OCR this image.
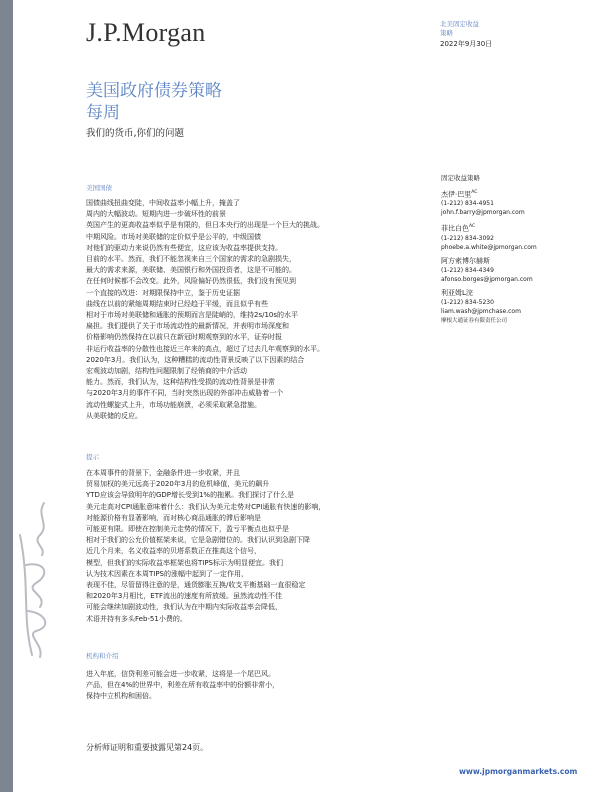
J.P.Morgan	北美固定收益
策略
2022年9月30日
美国政府债券策略
每周
我们的货币,你们的问题
美国国债
国债曲线扭曲变陡，中间收益率小幅上升，掩盖了
周内的大幅波动。短期内进一步破坏性的前景
英国产生的更高收益率似乎是有限的，但日本央行的出现是一个巨大的挑战。
中期风险。市场对美联储的定价似乎是公平的，中级国债
对他们的驱动力来说仍然有些便宜，这应该为收益率提供支持。
目前的水平。然而，我们不能忽视来自三个国家的需求的急剧损失，
最大的需求来源，美联储、美国银行和外国投资者，这是不可能的。
在任何时候都不会改变。此外，风险偏好仍然很低，我们没有预见到
一个直接的改进：对期限保持中立，鉴于历史证据
曲线在以前的紧缩周期结束时已经趋于平缓，而且似乎有些
相对于市场对美联储和通胀的预期而言是陡峭的，维持2s/10s的水平
扁担。我们提供了关于市场流动性的最新情况，并表明市场深度和
价格影响仍然保持在以前只在新冠时期观察到的水平，证券时报
非运行收益率的分散性也接近三年来的高点，超过了过去几年观察到的水平。
2020年3月。我们认为，这种糟糕的流动性背景反映了以下因素的结合
宏观波动加剧，结构性问题限制了经销商的中介活动
能力。然而，我们认为，这种结构性受损的流动性背景是非常
与2020年3月的事件不同，当时突然出现的外部冲击威胁着一个
流动性螺旋式上升，市场功能崩溃，必须采取紧急措施。
从美联储的反应。
提示
在本周事件的背景下，金融条件进一步收紧，并且
贸易加权的美元远高于2020年3月的危机峰值，美元的飙升
YTD应该会导致明年的GDP增长受到1%的拖累。我们探讨了什么是
美元走高对CPI通胀意味着什么：我们认为美元走势对CPI通胀有快速的影响，
对能源价格有显著影响，而对核心商品通胀的滞后影响是
可能更有限。即使在控制美元走势的情况下，盈亏平衡点也似乎是
相对于我们的公允价值框架来说，它是急剧错位的。我们认识到急剧下降
近几个月来，名义收益率的贝塔系数正在推高这个信号，
模型，但我们的实际收益率框架也将TIPS标示为明显便宜。我们
认为技术因素在本周TIPS的涨幅中起到了一定作用，
表现不佳，尽管留得注意的是，通货膨胀互换/收支平衡基础一直很稳定
和2020年3月相比，ETF流出的速度有所放缓。虽然流动性不佳
可能会继续加剧波动性，我们认为在中期内实际收益率会降低，
术语并持有多头Feb-51小费的。
机构和介绍
进入年底，信贷利差可能会进一步收紧，这将是一个尾巴风。
产品，但在4%的世界中，利差在所有收益率中的份额非常小，
保持中立机构和困倍。
固定收益策略
杰伊·巴里$^{AC}$
(1-212) 834-4951
john.f.barry@jpmorgan.com
菲比白色$^{AC}$
(1-212) 834-3092
phoebe.a.white@jpmorgan.com
阿方索博尔赫斯
(1-212) 834-4349
afonso.borges@jpmorgan.com
利亚姆L浣
(1-212) 834-5230
liam.wash@jpmchase.com
摩根大通证券有限责任公司
分析师证明和重要披露见第24页。
www.jpmorganmarkets.com
